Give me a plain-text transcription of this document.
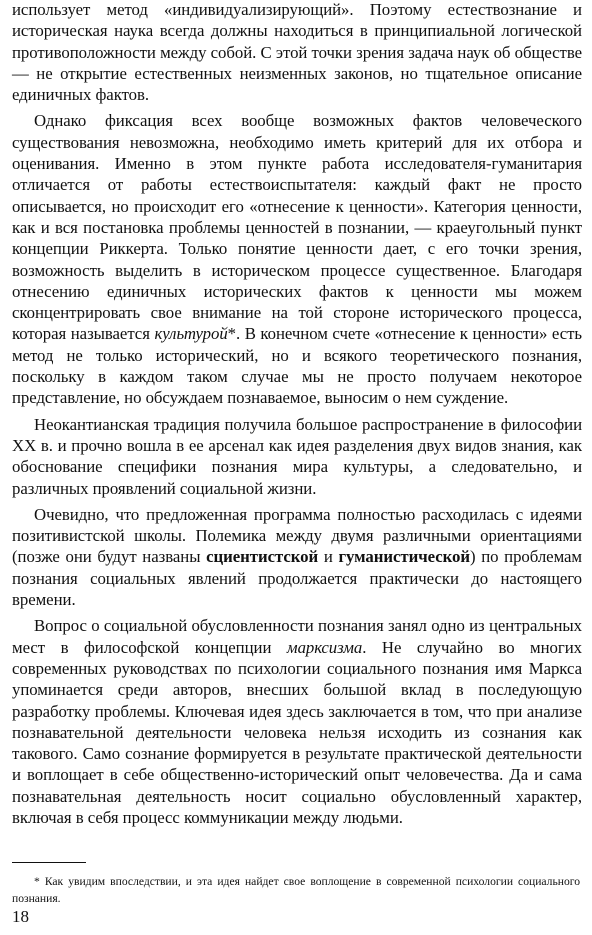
использует метод «индивидуализирующий». Поэтому естествознание и историческая наука всегда должны находиться в принципиальной логической противоположности между собой. С этой точки зрения задача наук об обществе — не открытие естественных неизменных законов, но тщательное описание единичных фактов.

Однако фиксация всех вообще возможных фактов человеческого существования невозможна, необходимо иметь критерий для их отбора и оценивания. Именно в этом пункте работа исследователя-гуманитария отличается от работы естествоиспытателя: каждый факт не просто описывается, но происходит его «отнесение к ценности». Категория ценности, как и вся постановка проблемы ценностей в познании, — краеугольный пункт концепции Риккерта. Только понятие ценности дает, с его точки зрения, возможность выделить в историческом процессе существенное. Благодаря отнесению единичных исторических фактов к ценности мы можем сконцентрировать свое внимание на той стороне исторического процесса, которая называется культурой*. В конечном счете «отнесение к ценности» есть метод не только исторический, но и всякого теоретического познания, поскольку в каждом таком случае мы не просто получаем некоторое представление, но обсуждаем познаваемое, выносим о нем суждение.

Неокантианская традиция получила большое распространение в философии XX в. и прочно вошла в ее арсенал как идея разделения двух видов знания, как обоснование специфики познания мира культуры, а следовательно, и различных проявлений социальной жизни.

Очевидно, что предложенная программа полностью расходилась с идеями позитивистской школы. Полемика между двумя различными ориентациями (позже они будут названы сциентистской и гуманистической) по проблемам познания социальных явлений продолжается практически до настоящего времени.

Вопрос о социальной обусловленности познания занял одно из центральных мест в философской концепции марксизма. Не случайно во многих современных руководствах по психологии социального познания имя Маркса упоминается среди авторов, внесших большой вклад в последующую разработку проблемы. Ключевая идея здесь заключается в том, что при анализе познавательной деятельности человека нельзя исходить из сознания как такового. Само сознание формируется в результате практической деятельности и воплощает в себе общественно-исторический опыт человечества. Да и сама познавательная деятельность носит социально обусловленный характер, включая в себя процесс коммуникации между людьми.

* Как увидим впоследствии, и эта идея найдет свое воплощение в современной психологии социального познания.
18
